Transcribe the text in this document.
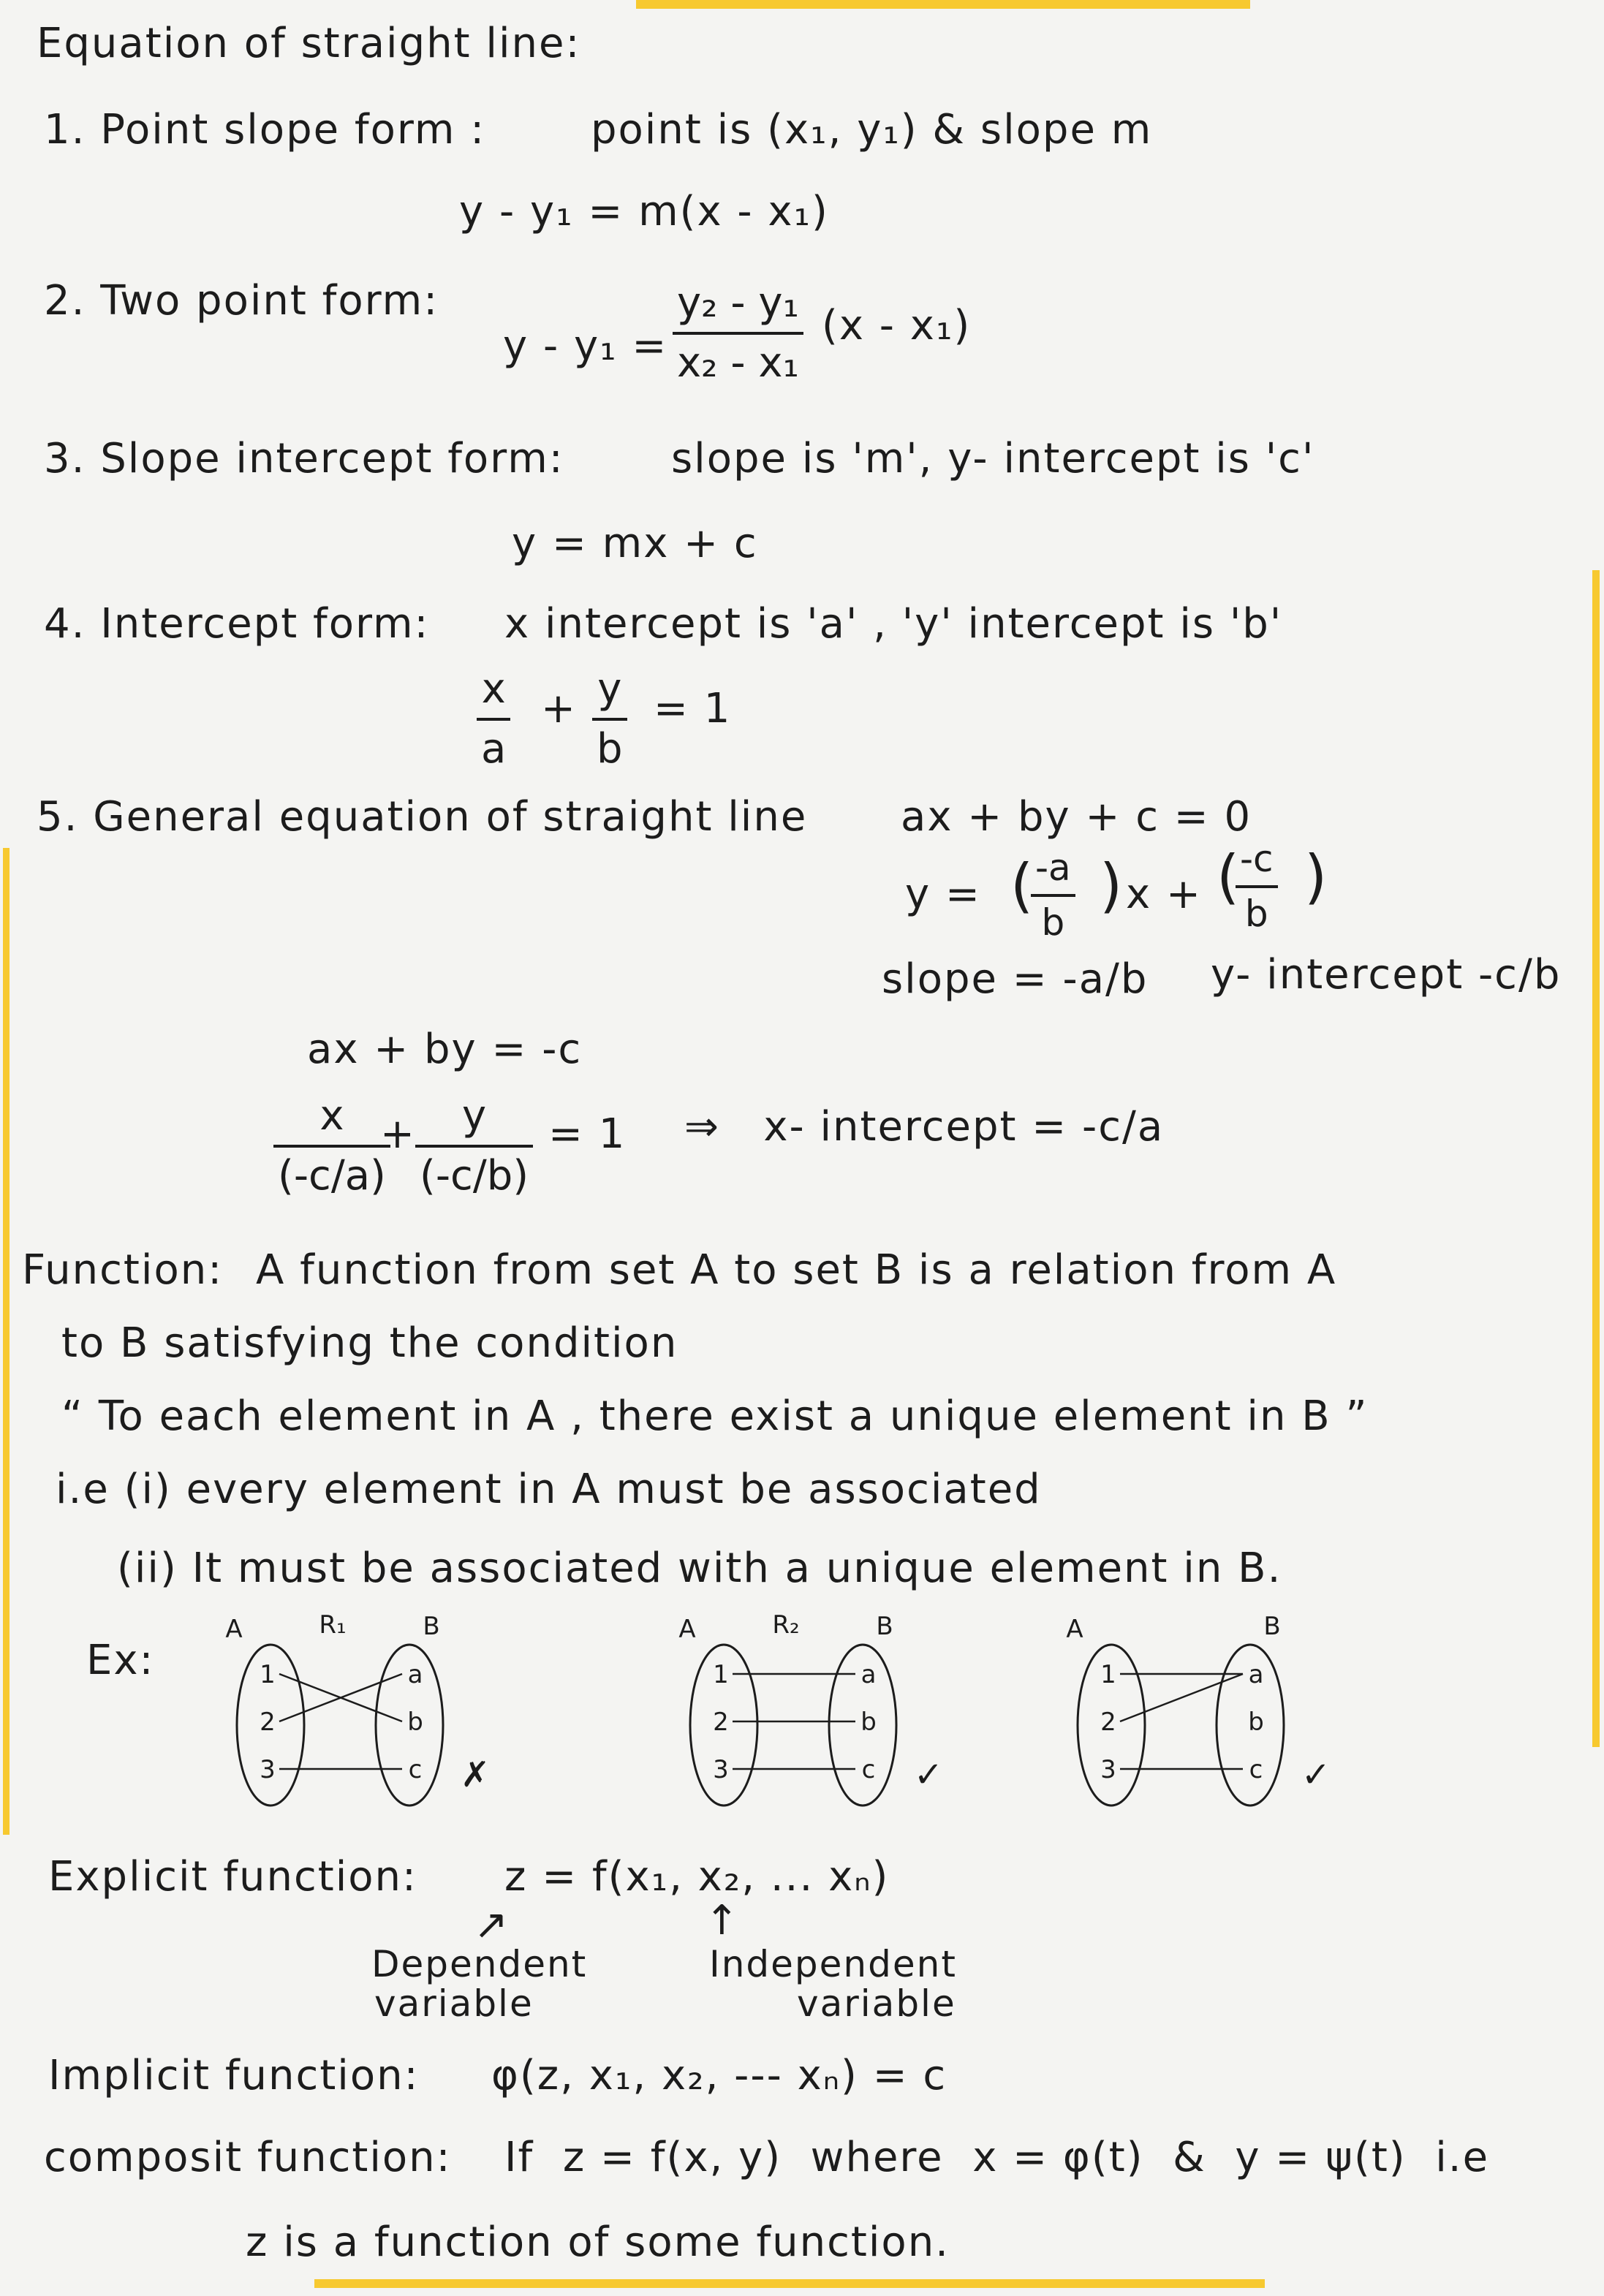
Equation of straight line:
1. Point slope form :	point is (x₁, y₁) & slope m
y - y₁ = m(x - x₁)
2. Two point form:
$y - y_1 = \frac{\text{y₂ - y₁}}{\text{x₂ - x₁}} (x - x_1)$
3. Slope intercept form:	slope is 'm', y- intercept is 'c'
y = mx + c
4. Intercept form: x intercept is 'a' , 'y' intercept is 'b'
$\frac{x}{a} + \frac{y}{b} = 1$
5. General equation of straight line ax + by + c = 0
y = (
$\frac{-a}{b}$ ) x + (
$\frac{-c}{b}$ )
slope = -a/b y- intercept -c/b
ax + by = -c
$\frac{x}{(-c/a)}$
+ $\frac{y}{(-c/b)} = 1$ ⇒   x- intercept = -c/a
Function: A function from set A to set B is a relation from A
to B satisfying the condition
“ To each element in A , there exist a unique element in B ”
i.e (i) every element in A must be associated
(ii) It must be associated with a unique element in B.
Ex:
A	B
R₁
1
2
3
a
b
c ✗
A	B
R₂
1
2
3
a
b
c ✓
A	B
1
2
3
a
b
c ✓
Explicit function: z = f(x₁, x₂, ... xₙ)
↗	↑
Dependent
variable
Independent
variable
Implicit function: φ(z, x₁, x₂, --- xₙ) = c
composit function: If  z = f(x, y)  where  x = φ(t)  &  y = ψ(t)  i.e
z is a function of some function.
